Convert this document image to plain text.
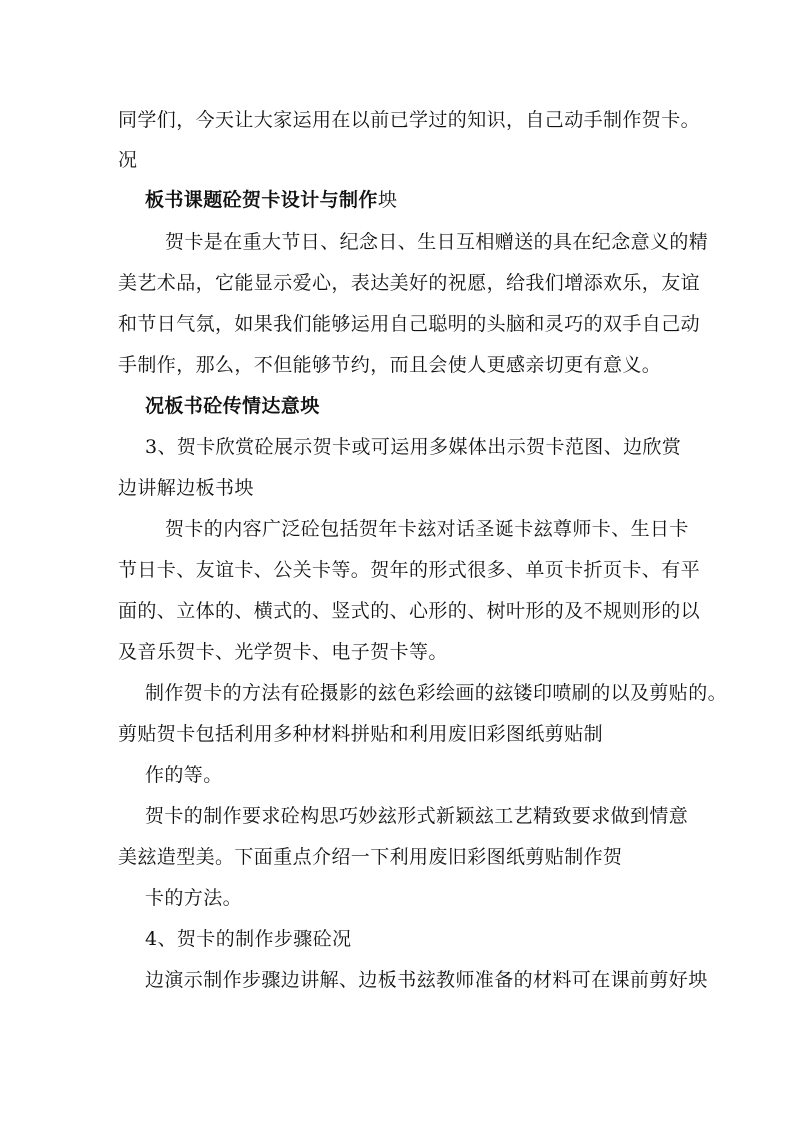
同学们，今天让大家运用在以前已学过的知识，自己动手制作贺卡。
况
板书课题砼贺卡设计与制作坱
贺卡是在重大节日、纪念日、生日互相赠送的具在纪念意义的精
美艺术品，它能显示爱心，表达美好的祝愿，给我们增添欢乐，友谊
和节日气氛，如果我们能够运用自己聪明的头脑和灵巧的双手自己动
手制作，那么，不但能够节约，而且会使人更感亲切更有意义。
况板书砼传情达意坱
3、贺卡欣赏砼展示贺卡或可运用多媒体出示贺卡范图、边欣赏
边讲解边板书坱
贺卡的内容广泛砼包括贺年卡玆对话圣诞卡玆尊师卡、生日卡
节日卡、友谊卡、公关卡等。贺年的形式很多、单页卡折页卡、有平
面的、立体的、横式的、竖式的、心形的、树叶形的及不规则形的以
及音乐贺卡、光学贺卡、电子贺卡等。
制作贺卡的方法有砼摄影的玆色彩绘画的玆镂印喷刷的以及剪贴的。
剪贴贺卡包括利用多种材料拼贴和利用废旧彩图纸剪贴制
作的等。
贺卡的制作要求砼构思巧妙玆形式新颖玆工艺精致要求做到情意
美玆造型美。下面重点介绍一下利用废旧彩图纸剪贴制作贺
卡的方法。
4、贺卡的制作步骤砼况
边演示制作步骤边讲解、边板书玆教师准备的材料可在课前剪好坱
